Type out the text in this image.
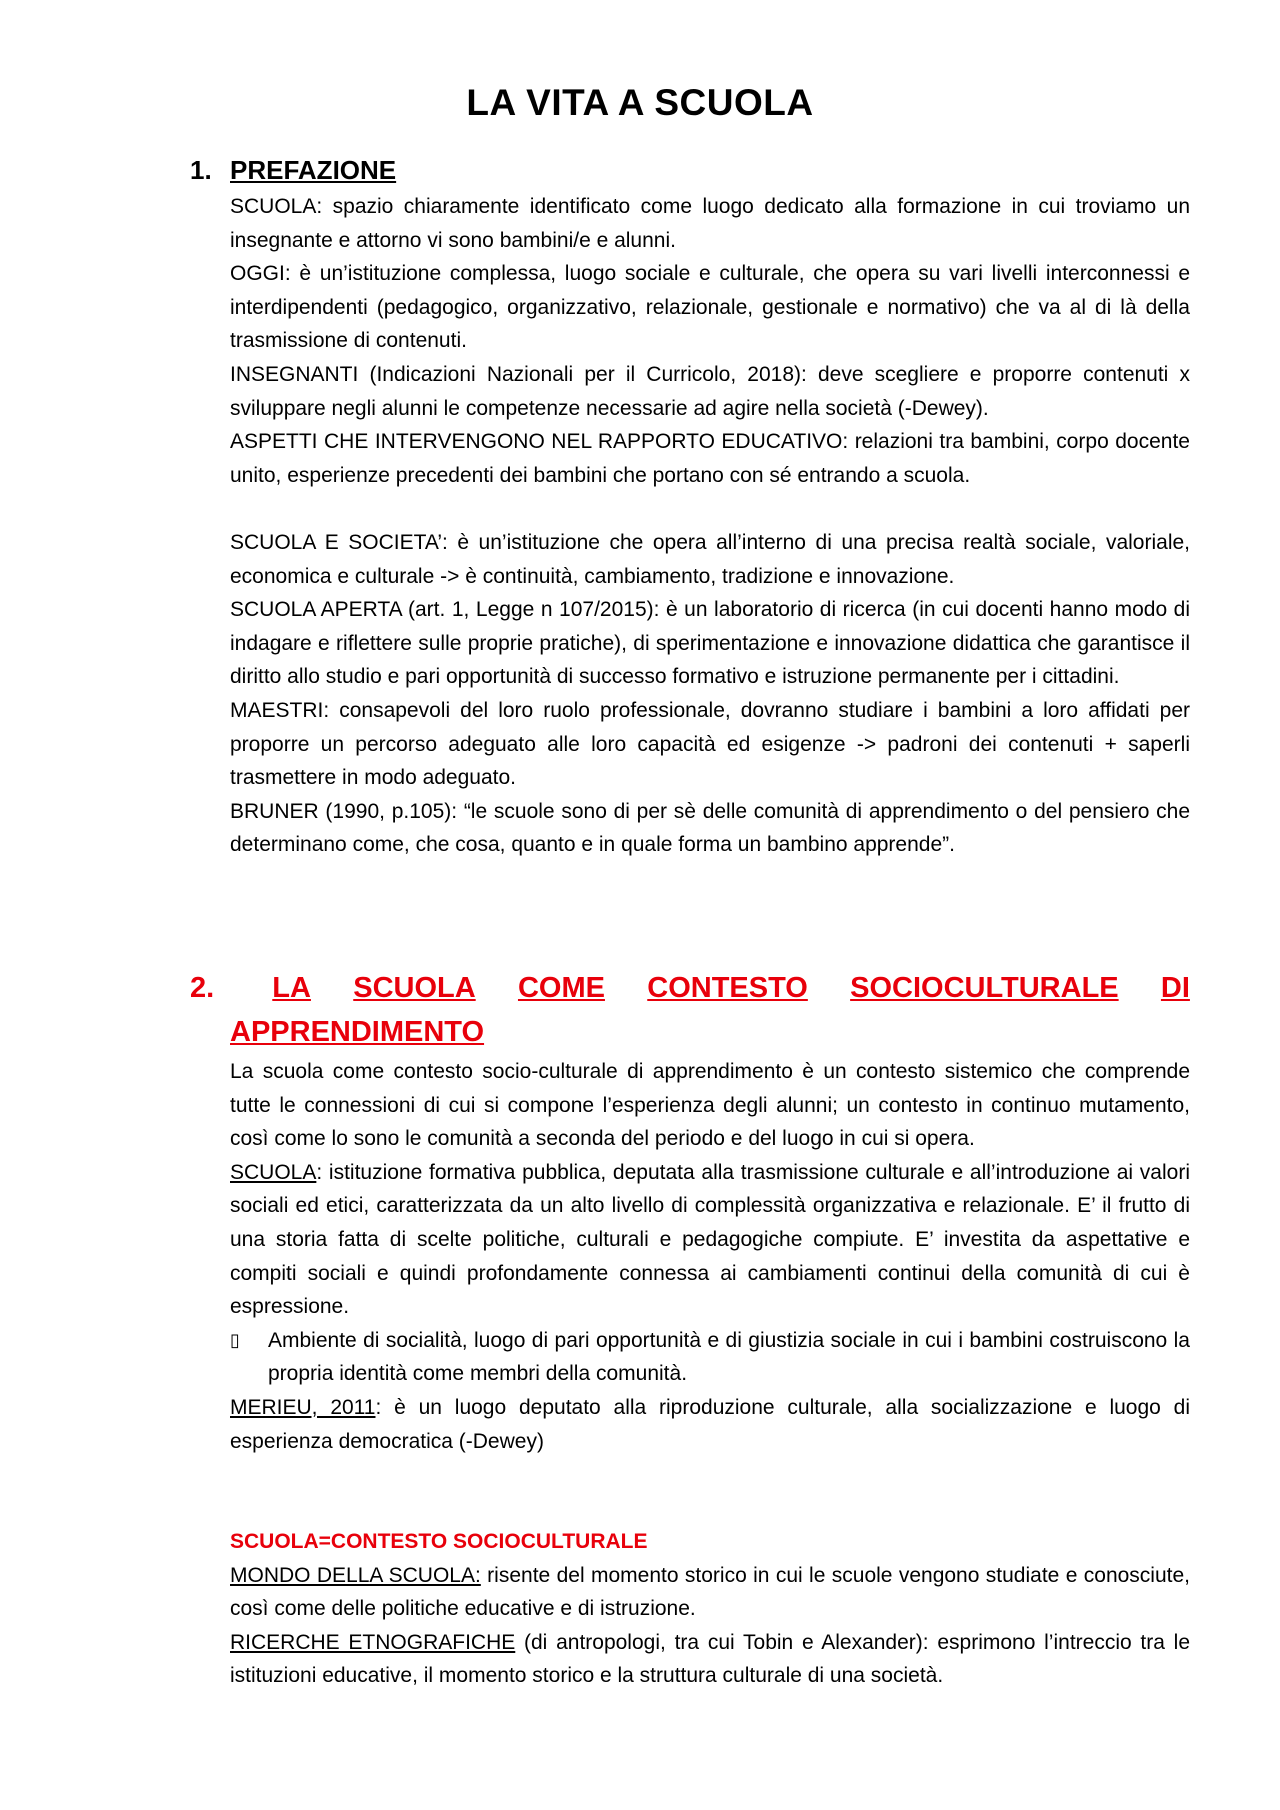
LA VITA A SCUOLA
1. PREFAZIONE

SCUOLA: spazio chiaramente identificato come luogo dedicato alla formazione in cui troviamo un insegnante e attorno vi sono bambini/e e alunni.

OGGI: è un’istituzione complessa, luogo sociale e culturale, che opera su vari livelli interconnessi e interdipendenti (pedagogico, organizzativo, relazionale, gestionale e normativo) che va al di là della trasmissione di contenuti.

INSEGNANTI (Indicazioni Nazionali per il Curricolo, 2018): deve scegliere e proporre contenuti x sviluppare negli alunni le competenze necessarie ad agire nella società (-Dewey).

ASPETTI CHE INTERVENGONO NEL RAPPORTO EDUCATIVO: relazioni tra bambini, corpo docente unito, esperienze precedenti dei bambini che portano con sé entrando a scuola.

SCUOLA E SOCIETA’: è un’istituzione che opera all’interno di una precisa realtà sociale, valoriale, economica e culturale -> è continuità, cambiamento, tradizione e innovazione.

SCUOLA APERTA (art. 1, Legge n 107/2015): è un laboratorio di ricerca (in cui docenti hanno modo di indagare e riflettere sulle proprie pratiche), di sperimentazione e innovazione didattica che garantisce il diritto allo studio e pari opportunità di successo formativo e istruzione permanente per i cittadini.

MAESTRI: consapevoli del loro ruolo professionale, dovranno studiare i bambini a loro affidati per proporre un percorso adeguato alle loro capacità ed esigenze -> padroni dei contenuti + saperli trasmettere in modo adeguato.

BRUNER (1990, p.105): “le scuole sono di per sè delle comunità di apprendimento o del pensiero che determinano come, che cosa, quanto e in quale forma un bambino apprende”.

2.	LA SCUOLA COME CONTESTO SOCIOCULTURALE DI
APPRENDIMENTO

La scuola come contesto socio-culturale di apprendimento è un contesto sistemico che comprende tutte le connessioni di cui si compone l’esperienza degli alunni; un contesto in continuo mutamento, così come lo sono le comunità a seconda del periodo e del luogo in cui si opera.

SCUOLA: istituzione formativa pubblica, deputata alla trasmissione culturale e all’introduzione ai valori sociali ed etici, caratterizzata da un alto livello di complessità organizzativa e relazionale. E’ il frutto di una storia fatta di scelte politiche, culturali e pedagogiche compiute. E’ investita da aspettative e compiti sociali e quindi profondamente connessa ai cambiamenti continui della comunità di cui è espressione.

▯	Ambiente di socialità, luogo di pari opportunità e di giustizia sociale in cui i bambini costruiscono la propria identità come membri della comunità.

MERIEU, 2011: è un luogo deputato alla riproduzione culturale, alla socializzazione e luogo di esperienza democratica (-Dewey)

SCUOLA=CONTESTO SOCIOCULTURALE

MONDO DELLA SCUOLA: risente del momento storico in cui le scuole vengono studiate e conosciute, così come delle politiche educative e di istruzione.

RICERCHE ETNOGRAFICHE (di antropologi, tra cui Tobin e Alexander): esprimono l’intreccio tra le istituzioni educative, il momento storico e la struttura culturale di una società.
